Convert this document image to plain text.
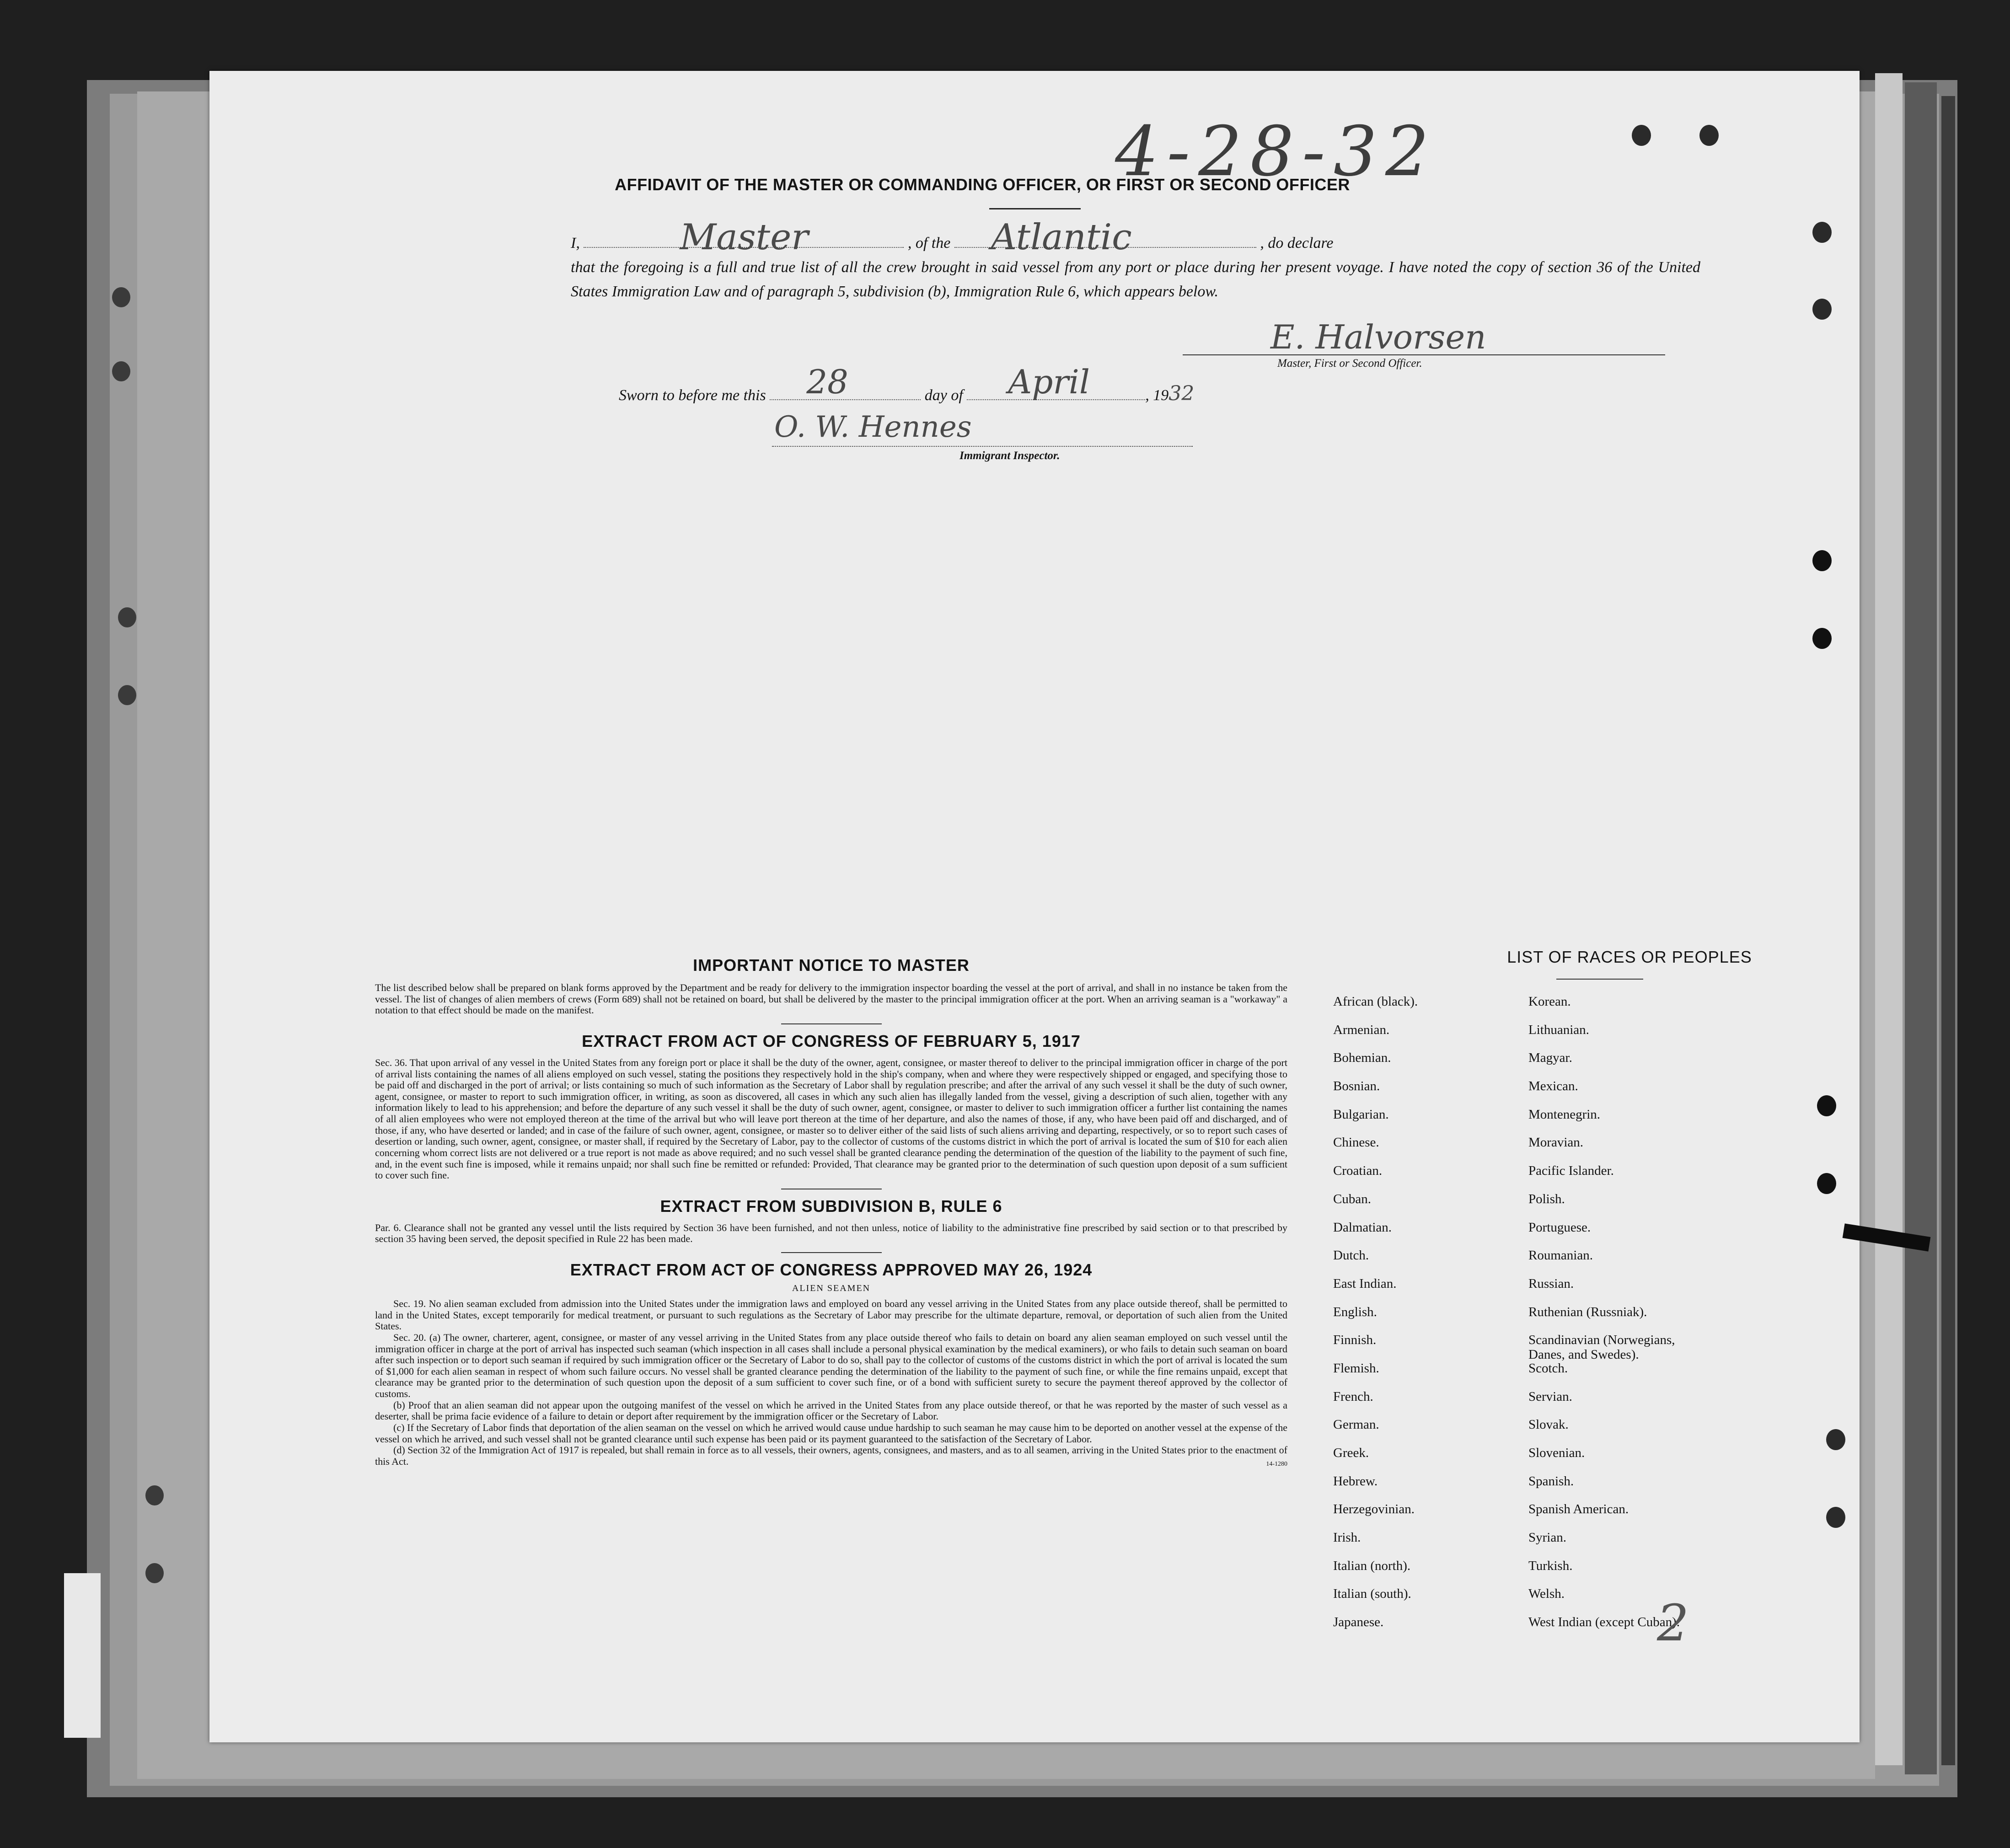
4-28-32
AFFIDAVIT OF THE MASTER OR COMMANDING OFFICER, OR FIRST OR SECOND OFFICER
I,	Master	, of the Atlantic	, do declare
that the foregoing is a full and true list of all the crew brought in said vessel from any port or place during her present voyage. I have noted the copy of section 36 of the United States Immigration Law and of paragraph 5, subdivision (b), Immigration Rule 6, which appears below.
E. Halvorsen
Master, First or Second Officer.
Sworn to before me this 28	day of April	, 1932
O. W. Hennes
Immigrant Inspector.
IMPORTANT NOTICE TO MASTER
The list described below shall be prepared on blank forms approved by the Department and be ready for delivery to the immigration inspector boarding the vessel at the port of arrival, and shall in no instance be taken from the vessel. The list of changes of alien members of crews (Form 689) shall not be retained on board, but shall be delivered by the master to the principal immigration officer at the port. When an arriving seaman is a "workaway" a notation to that effect should be made on the manifest.
EXTRACT FROM ACT OF CONGRESS OF FEBRUARY 5, 1917
Sec. 36. That upon arrival of any vessel in the United States from any foreign port or place it shall be the duty of the owner, agent, consignee, or master thereof to deliver to the principal immigration officer in charge of the port of arrival lists containing the names of all aliens employed on such vessel, stating the positions they respectively hold in the ship's company, when and where they were respectively shipped or engaged, and specifying those to be paid off and discharged in the port of arrival; or lists containing so much of such information as the Secretary of Labor shall by regulation prescribe; and after the arrival of any such vessel it shall be the duty of such owner, agent, consignee, or master to report to such immigration officer, in writing, as soon as discovered, all cases in which any such alien has illegally landed from the vessel, giving a description of such alien, together with any information likely to lead to his apprehension; and before the departure of any such vessel it shall be the duty of such owner, agent, consignee, or master to deliver to such immigration officer a further list containing the names of all alien employees who were not employed thereon at the time of the arrival but who will leave port thereon at the time of her departure, and also the names of those, if any, who have been paid off and discharged, and of those, if any, who have deserted or landed; and in case of the failure of such owner, agent, consignee, or master so to deliver either of the said lists of such aliens arriving and departing, respectively, or so to report such cases of desertion or landing, such owner, agent, consignee, or master shall, if required by the Secretary of Labor, pay to the collector of customs of the customs district in which the port of arrival is located the sum of $10 for each alien concerning whom correct lists are not delivered or a true report is not made as above required; and no such vessel shall be granted clearance pending the determination of the question of the liability to the payment of such fine, and, in the event such fine is imposed, while it remains unpaid; nor shall such fine be remitted or refunded: Provided, That clearance may be granted prior to the determination of such question upon deposit of a sum sufficient to cover such fine.
EXTRACT FROM SUBDIVISION B, RULE 6
Par. 6. Clearance shall not be granted any vessel until the lists required by Section 36 have been furnished, and not then unless, notice of liability to the administrative fine prescribed by said section or to that prescribed by section 35 having been served, the deposit specified in Rule 22 has been made.
EXTRACT FROM ACT OF CONGRESS APPROVED MAY 26, 1924
ALIEN SEAMEN
Sec. 19. No alien seaman excluded from admission into the United States under the immigration laws and employed on board any vessel arriving in the United States from any place outside thereof, shall be permitted to land in the United States, except temporarily for medical treatment, or pursuant to such regulations as the Secretary of Labor may prescribe for the ultimate departure, removal, or deportation of such alien from the United States.
Sec. 20. (a) The owner, charterer, agent, consignee, or master of any vessel arriving in the United States from any place outside thereof who fails to detain on board any alien seaman employed on such vessel until the immigration officer in charge at the port of arrival has inspected such seaman (which inspection in all cases shall include a personal physical examination by the medical examiners), or who fails to detain such seaman on board after such inspection or to deport such seaman if required by such immigration officer or the Secretary of Labor to do so, shall pay to the collector of customs of the customs district in which the port of arrival is located the sum of $1,000 for each alien seaman in respect of whom such failure occurs. No vessel shall be granted clearance pending the determination of the liability to the payment of such fine, or while the fine remains unpaid, except that clearance may be granted prior to the determination of such question upon the deposit of a sum sufficient to cover such fine, or of a bond with sufficient surety to secure the payment thereof approved by the collector of customs.
(b) Proof that an alien seaman did not appear upon the outgoing manifest of the vessel on which he arrived in the United States from any place outside thereof, or that he was reported by the master of such vessel as a deserter, shall be prima facie evidence of a failure to detain or deport after requirement by the immigration officer or the Secretary of Labor.
(c) If the Secretary of Labor finds that deportation of the alien seaman on the vessel on which he arrived would cause undue hardship to such seaman he may cause him to be deported on another vessel at the expense of the vessel on which he arrived, and such vessel shall not be granted clearance until such expense has been paid or its payment guaranteed to the satisfaction of the Secretary of Labor.
(d) Section 32 of the Immigration Act of 1917 is repealed, but shall remain in force as to all vessels, their owners, agents, consignees, and masters, and as to all seamen, arriving in the United States prior to the enactment of this Act.	14-1280
LIST OF RACES OR PEOPLES
African (black).
Armenian.
Bohemian.
Bosnian.
Bulgarian.
Chinese.
Croatian.
Cuban.
Dalmatian.
Dutch.
East Indian.
English.
Finnish.
Flemish.
French.
German.
Greek.
Hebrew.
Herzegovinian.
Irish.
Italian (north).
Italian (south).
Japanese.
Korean.
Lithuanian.
Magyar.
Mexican.
Montenegrin.
Moravian.
Pacific Islander.
Polish.
Portuguese.
Roumanian.
Russian.
Ruthenian (Russniak).
Scandinavian (Norwegians, Danes, and Swedes).
Scotch.
Servian.
Slovak.
Slovenian.
Spanish.
Spanish American.
Syrian.
Turkish.
Welsh.
West Indian (except Cuban).
2
